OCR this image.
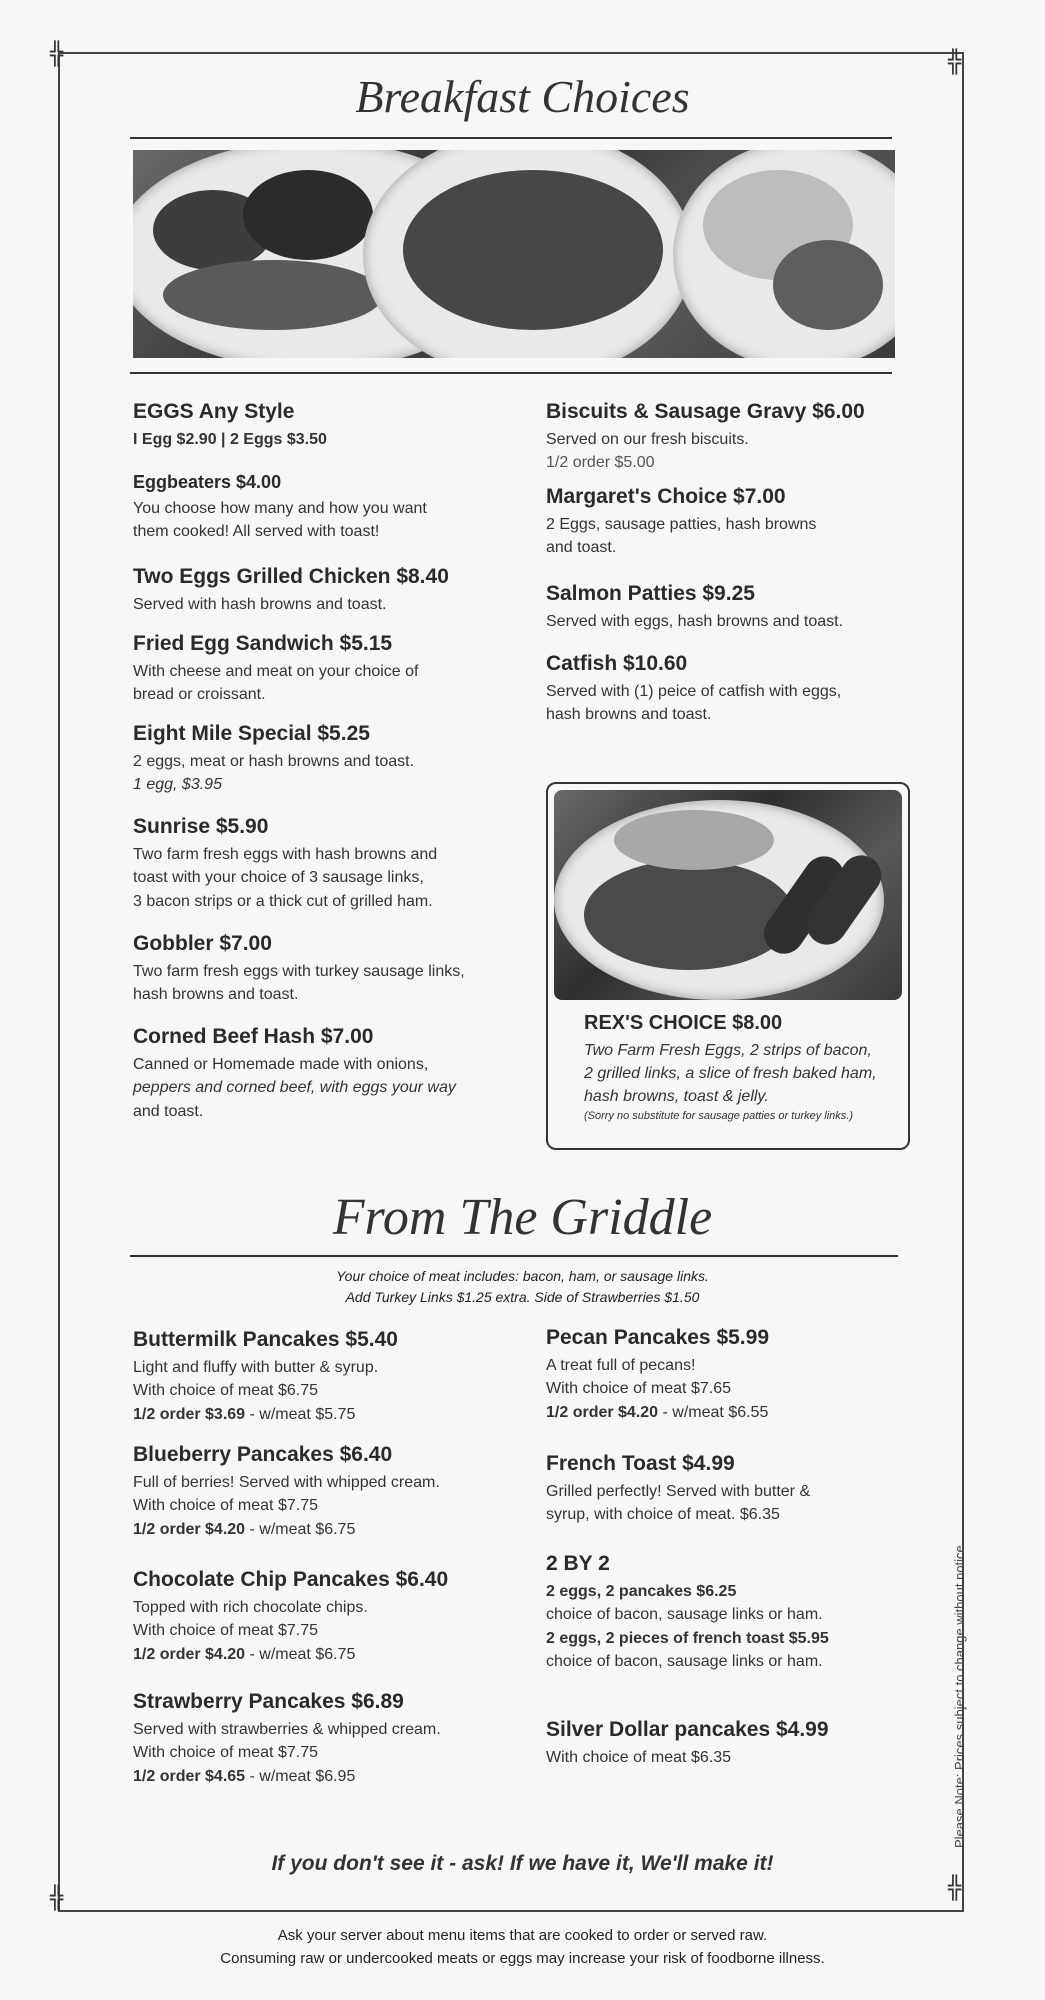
╬	╬
╬	╬
Breakfast Choices
EGGS Any Style
I Egg $2.90 | 2 Eggs $3.50
Eggbeaters $4.00
You choose how many and how you want
them cooked! All served with toast!
Two Eggs Grilled Chicken $8.40
Served with hash browns and toast.
Fried Egg Sandwich $5.15
With cheese and meat on your choice of
bread or croissant.
Eight Mile Special $5.25
2 eggs, meat or hash browns and toast.
1 egg, $3.95
Sunrise $5.90
Two farm fresh eggs with hash browns and
toast with your choice of 3 sausage links,
3 bacon strips or a thick cut of grilled ham.
Gobbler $7.00
Two farm fresh eggs with turkey sausage links,
hash browns and toast.
Corned Beef Hash $7.00
Canned or Homemade made with onions,
peppers and corned beef, with eggs your way
and toast.
Biscuits & Sausage Gravy $6.00
Served on our fresh biscuits.
1/2 order $5.00
Margaret's Choice $7.00
2 Eggs, sausage patties, hash browns
and toast.
Salmon Patties $9.25
Served with eggs, hash browns and toast.
Catfish $10.60
Served with (1) peice of catfish with eggs,
hash browns and toast.
REX'S CHOICE $8.00
Two Farm Fresh Eggs, 2 strips of bacon,
2 grilled links, a slice of fresh baked ham,
hash browns, toast & jelly.
(Sorry no substitute for sausage patties or turkey links.)
From The Griddle
Your choice of meat includes: bacon, ham, or sausage links.
Add Turkey Links $1.25 extra. Side of Strawberries $1.50
Buttermilk Pancakes $5.40
Light and fluffy with butter & syrup.
With choice of meat $6.75
1/2 order $3.69 - w/meat $5.75
Blueberry Pancakes $6.40
Full of berries! Served with whipped cream.
With choice of meat $7.75
1/2 order $4.20 - w/meat $6.75
Chocolate Chip Pancakes $6.40
Topped with rich chocolate chips.
With choice of meat $7.75
1/2 order $4.20 - w/meat $6.75
Strawberry Pancakes $6.89
Served with strawberries & whipped cream.
With choice of meat $7.75
1/2 order $4.65 - w/meat $6.95
Pecan Pancakes $5.99
A treat full of pecans!
With choice of meat $7.65
1/2 order $4.20 - w/meat $6.55
French Toast $4.99
Grilled perfectly! Served with butter &
syrup, with choice of meat. $6.35
2 BY 2
2 eggs, 2 pancakes $6.25
choice of bacon, sausage links or ham.
2 eggs, 2 pieces of french toast $5.95
choice of bacon, sausage links or ham.
Silver Dollar pancakes $4.99
With choice of meat $6.35	Please Note: Prices subject to change without notice.
If you don't see it - ask! If we have it, We'll make it!
Ask your server about menu items that are cooked to order or served raw.
Consuming raw or undercooked meats or eggs may increase your risk of foodborne illness.
